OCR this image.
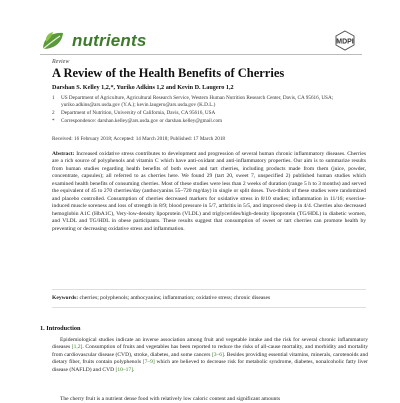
nutrients	MDPI
Review
A Review of the Health Benefits of Cherries
Darshan S. Kelley 1,2,*, Yuriko Adkins 1,2 and Kevin D. Laugero 1,2
1 US Department of Agriculture, Agricultural Research Service, Western Human Nutrition Research Center, Davis, CA 95616, USA; yuriko.adkins@ars.usda.gov (Y.A.); kevin.laugero@ars.usda.gov (K.D.L.)
2 Department of Nutrition, University of California, Davis, CA 95616, USA
* Correspondence: darshan.kelley@ars.usda.gov or darshan.kelley@gmail.com
Received: 16 February 2018; Accepted: 14 March 2018; Published: 17 March 2018
Abstract: Increased oxidative stress contributes to development and progression of several human chronic inflammatory diseases. Cherries are a rich source of polyphenols and vitamin C which have anti-oxidant and anti-inflammatory properties. Our aim is to summarize results from human studies regarding health benefits of both sweet and tart cherries, including products made from them (juice, powder, concentrate, capsules); all referred to as cherries here. We found 29 (tart 20, sweet 7, unspecified 2) published human studies which examined health benefits of consuming cherries. Most of these studies were less than 2 weeks of duration (range 5 h to 3 months) and served the equivalent of 45 to 270 cherries/day (anthocyanins 55–720 mg/day) in single or split doses. Two-thirds of these studies were randomized and placebo controlled. Consumption of cherries decreased markers for oxidative stress in 8/10 studies; inflammation in 11/16; exercise-induced muscle soreness and loss of strength in 8/9; blood pressure in 5/7, arthritis in 5/5, and improved sleep in 4/4. Cherries also decreased hemoglobin A1C (HbA1C), Very-low-density lipoprotein (VLDL) and triglycerides/high-density lipoprotein (TG/HDL) in diabetic women, and VLDL and TG/HDL in obese participants. These results suggest that consumption of sweet or tart cherries can promote health by preventing or decreasing oxidative stress and inflammation.
Keywords: cherries; polyphenols; anthocyanins; inflammation; oxidative stress; chronic diseases
1. Introduction
Epidemiological studies indicate an inverse association among fruit and vegetable intake and the risk for several chronic inflammatory diseases [1,2]. Consumption of fruits and vegetables has been reported to reduce the risks of all-cause mortality, and morbidity and mortality from cardiovascular disease (CVD), stroke, diabetes, and some cancers [3–6]. Besides providing essential vitamins, minerals, carotenoids and dietary fiber, fruits contain polyphenols [7–9] which are believed to decrease risk for metabolic syndrome, diabetes, nonalcoholic fatty liver disease (NAFLD) and CVD [10–17].
The cherry fruit is a nutrient dense food with relatively low caloric content and significant amounts
